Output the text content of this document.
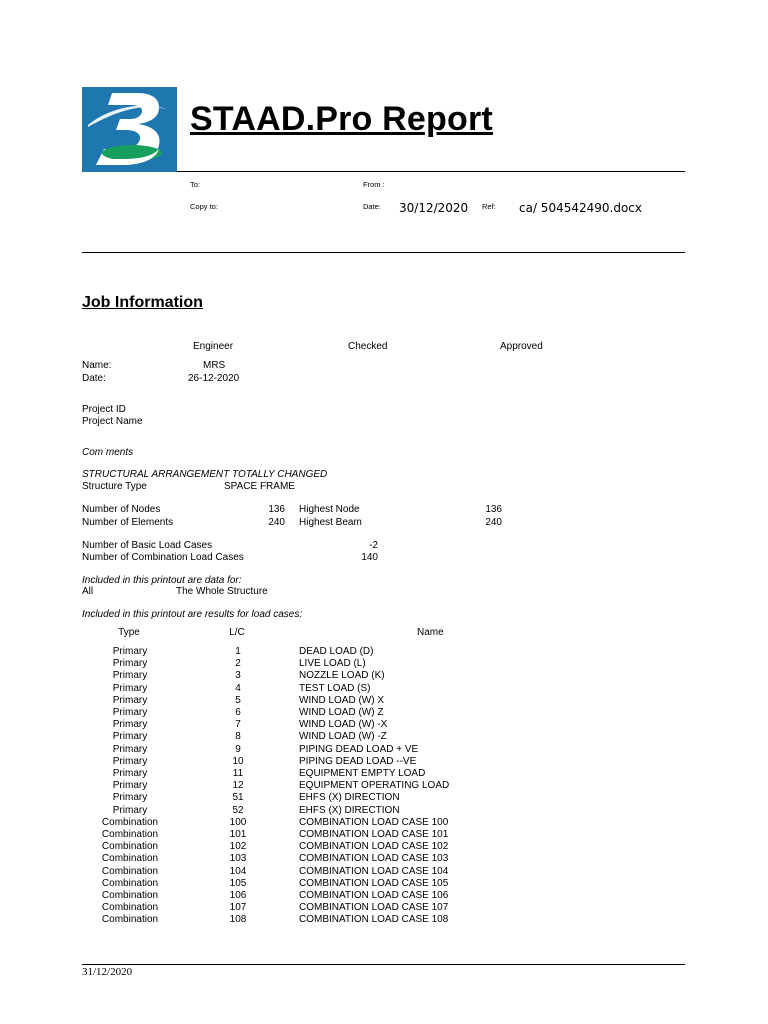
STAAD.Pro Report
To:	From :
Copy to:	Date: 30/12/2020 Ref: ca/ 504542490.docx
Job Information
Engineer	Checked	Approved
Name:	MRS
Date:	26-12-2020
Project ID
Project Name
Com ments
STRUCTURAL ARRANGEMENT TOTALLY CHANGED
Structure Type	SPACE FRAME
Number of Nodes	136 Highest Node	136
Number of Elements	240 Highest Beam	240
Number of Basic Load Cases	-2
Number of Combination Load Cases	140
Included in this printout are data for:
All	The Whole Structure
Included in this printout are results for load cases:
Type	L/C	Name
Primary	1	DEAD LOAD (D)
Primary	2	LIVE LOAD (L)
Primary	3	NOZZLE LOAD (K)
Primary	4	TEST LOAD (S)
Primary	5	WIND LOAD (W) X
Primary	6	WIND LOAD (W) Z
Primary	7	WIND LOAD (W) -X
Primary	8	WIND LOAD (W) -Z
Primary	9	PIPING DEAD LOAD + VE
Primary	10	PIPING DEAD LOAD --VE
Primary	11	EQUIPMENT EMPTY LOAD
Primary	12	EQUIPMENT OPERATING LOAD
Primary	51	EHFS (X) DIRECTION
Primary	52	EHFS (X) DIRECTION
Combination	100	COMBINATION LOAD CASE 100
Combination	101	COMBINATION LOAD CASE 101
Combination	102	COMBINATION LOAD CASE 102
Combination	103	COMBINATION LOAD CASE 103
Combination	104	COMBINATION LOAD CASE 104
Combination	105	COMBINATION LOAD CASE 105
Combination	106	COMBINATION LOAD CASE 106
Combination	107	COMBINATION LOAD CASE 107
Combination	108	COMBINATION LOAD CASE 108
31/12/2020
